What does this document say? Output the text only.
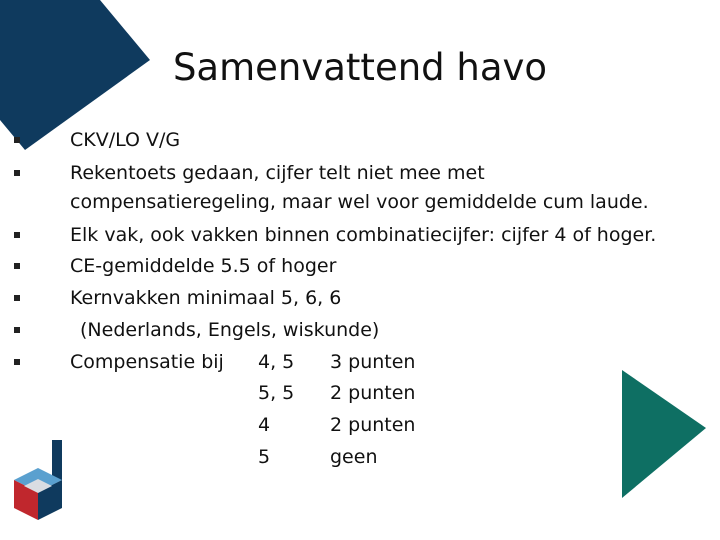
Samenvattend havo
CKV/LO V/G
Rekentoets gedaan, cijfer telt niet mee met
compensatieregeling, maar wel voor gemiddelde cum laude.
Elk vak, ook vakken binnen combinatiecijfer: cijfer 4 of hoger.
CE-gemiddelde 5.5 of hoger
Kernvakken minimaal 5, 6, 6
(Nederlands, Engels, wiskunde)
Compensatie bij 4, 5 3 punten
5, 5 2 punten
4	2 punten
5	geen
